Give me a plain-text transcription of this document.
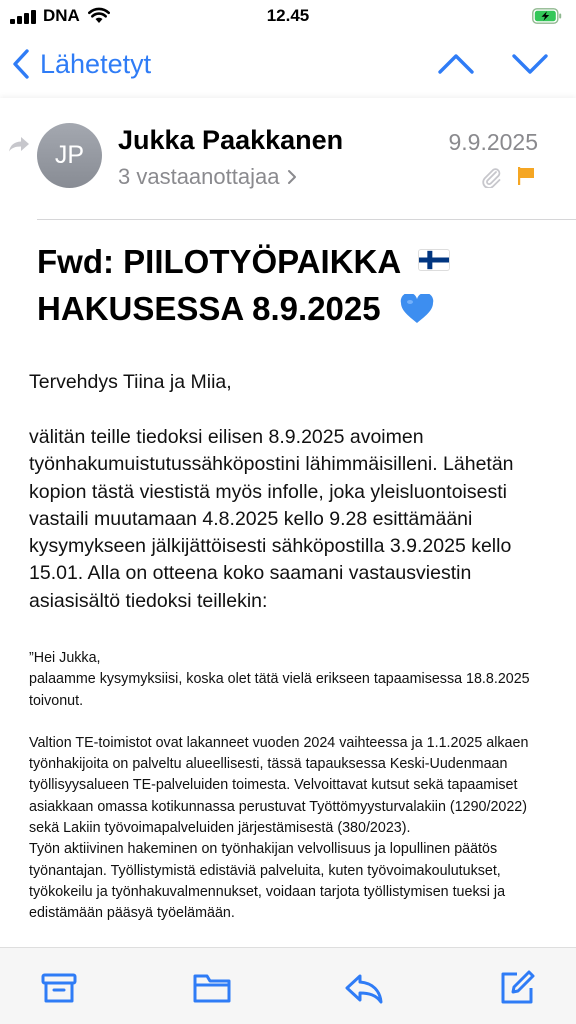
DNA	12.45
Lähetetyt
JP	Jukka Paakkanen
3 vastaanottajaa
9.9.2025
Fwd: PIILOTYÖPAIKKA
HAKUSESSA 8.9.2025
Tervehdys Tiina ja Miia,
välitän teille tiedoksi eilisen 8.9.2025 avoimen työnhakumuistutussähköpostini lähimmäisilleni. Lähetän kopion tästä viestistä myös infolle, joka yleisluontoisesti vastaili muutamaan 4.8.2025 kello 9.28 esittämääni kysymykseen jälkijättöisesti sähköpostilla 3.9.2025 kello 15.01. Alla on otteena koko saamani vastausviestin asiasisältö tiedoksi teillekin:

”Hei Jukka,
palaamme kysymyksiisi, koska olet tätä vielä erikseen tapaamisessa 18.8.2025 toivonut.

Valtion TE-toimistot ovat lakanneet vuoden 2024 vaihteessa ja 1.1.2025 alkaen työnhakijoita on palveltu alueellisesti, tässä tapauksessa Keski-Uudenmaan työllisyysalueen TE-palveluiden toimesta. Velvoittavat kutsut sekä tapaamiset asiakkaan omassa kotikunnassa perustuvat Työttömyysturvalakiin (1290/2022) sekä Lakiin työvoimapalveluiden järjestämisestä (380/2023).

Työn aktiivinen hakeminen on työnhakijan velvollisuus ja lopullinen päätös työnantajan. Työllistymistä edistäviä palveluita, kuten työvoimakoulutukset, työkokeilu ja työnhakuvalmennukset, voidaan tarjota työllistymisen tueksi ja edistämään pääsyä työelämään.
